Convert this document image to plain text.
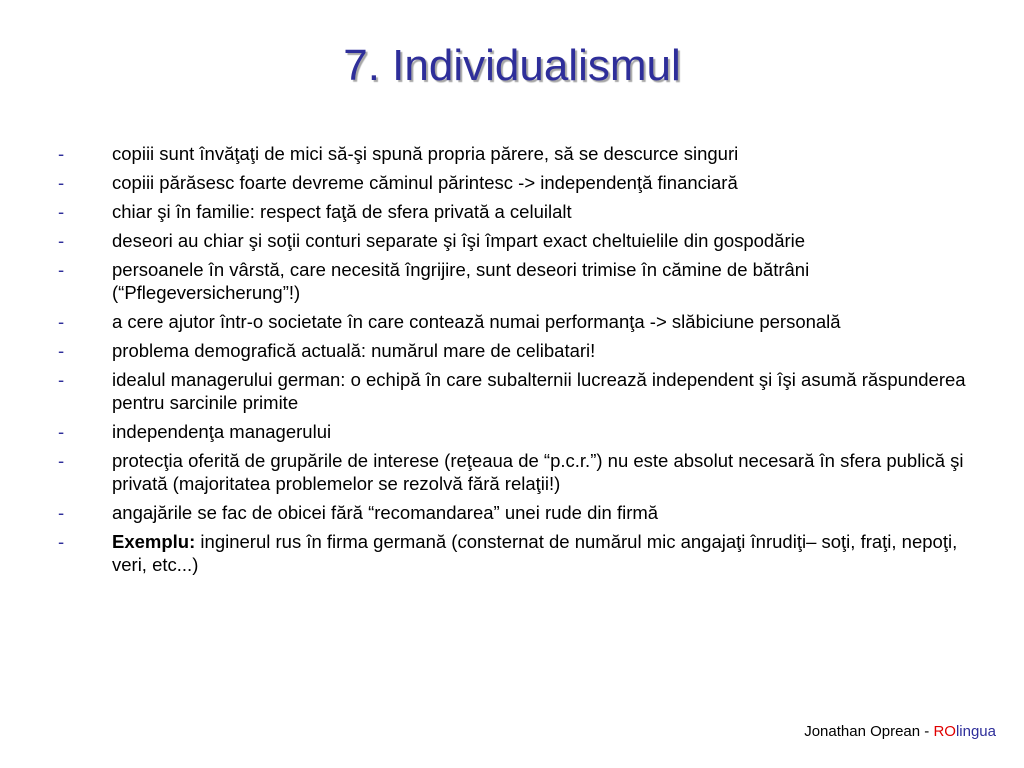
7. Individualismul
-	copiii sunt învăţaţi de mici să-şi spună propria părere, să se descurce singuri
-	copiii părăsesc foarte devreme căminul părintesc -> independenţă financiară
-	chiar şi în familie: respect faţă de sfera privată a celuilalt
-	deseori au chiar şi soţii conturi separate şi îşi împart exact cheltuielile din gospodărie
-	persoanele în vârstă, care necesită îngrijire, sunt deseori trimise în cămine de bătrâni (“Pflegeversicherung”!)
-	a cere ajutor într-o societate în care contează numai performanţa -> slăbiciune personală
-	problema demografică actuală: numărul mare de celibatari!
-	idealul managerului german: o echipă în care subalternii lucrează independent şi îşi asumă răspunderea pentru sarcinile primite
-	independenţa managerului
-	protecţia oferită de grupările de interese (reţeaua de “p.c.r.”) nu este absolut necesară în sfera publică şi privată (majoritatea problemelor se rezolvă fără relaţii!)
-	angajările se fac de obicei fără “recomandarea” unei rude din firmă
-	Exemplu: inginerul rus în firma germană (consternat de numărul mic angajaţi înrudiţi– soţi, fraţi, nepoţi, veri, etc...)
Jonathan Oprean - ROlingua
